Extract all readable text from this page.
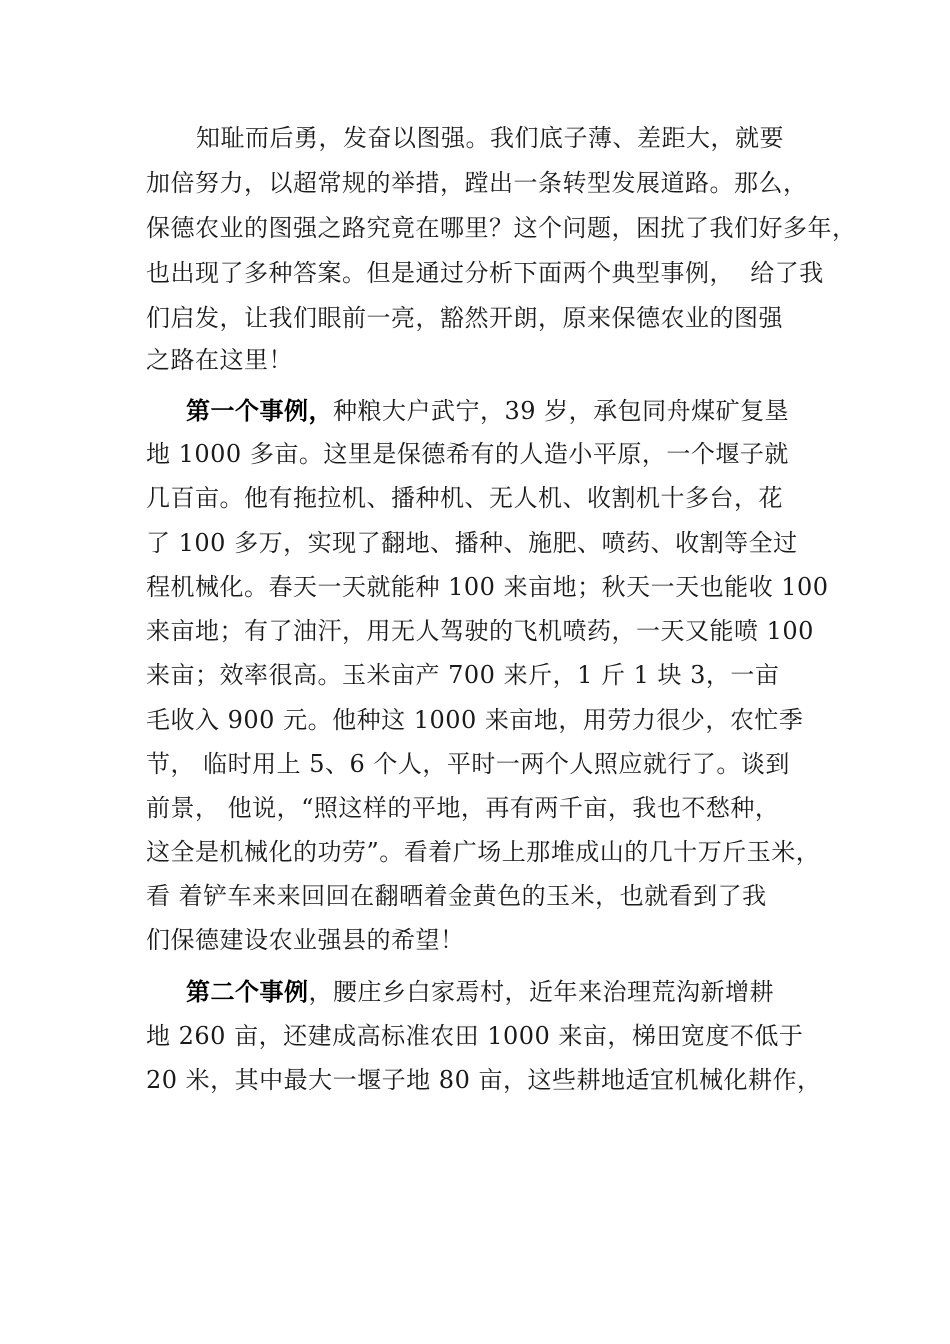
知耻而后勇，发奋以图强。我们底子薄、差距大，就要
加倍努力，以超常规的举措，蹚出一条转型发展道路。那么，
保德农业的图强之路究竟在哪里？这个问题，困扰了我们好多年，
也出现了多种答案。但是通过分析下面两个典型事例，  给了我
们启发，让我们眼前一亮，豁然开朗，原来保德农业的图强
之路在这里！
第一个事例，种粮大户武宁，39 岁，承包同舟煤矿复垦
地 1000 多亩。这里是保德希有的人造小平原，一个堰子就
几百亩。他有拖拉机、播种机、无人机、收割机十多台，花
了 100 多万，实现了翻地、播种、施肥、喷药、收割等全过
程机械化。春天一天就能种 100 来亩地；秋天一天也能收 100
来亩地；有了油汗，用无人驾驶的飞机喷药，一天又能喷 100
来亩；效率很高。玉米亩产 700 来斤，1 斤 1 块 3，一亩
毛收入 900 元。他种这 1000 来亩地，用劳力很少，农忙季
节， 临时用上 5、6 个人，平时一两个人照应就行了。谈到
前景， 他说，“照这样的平地，再有两千亩，我也不愁种，
这全是机械化的功劳”。看着广场上那堆成山的几十万斤玉米，
看 着铲车来来回回在翻晒着金黄色的玉米，也就看到了我
们保德建设农业强县的希望！
第二个事例，腰庄乡白家焉村，近年来治理荒沟新增耕
地 260 亩，还建成高标准农田 1000 来亩，梯田宽度不低于
20 米，其中最大一堰子地 80 亩，这些耕地适宜机械化耕作，
